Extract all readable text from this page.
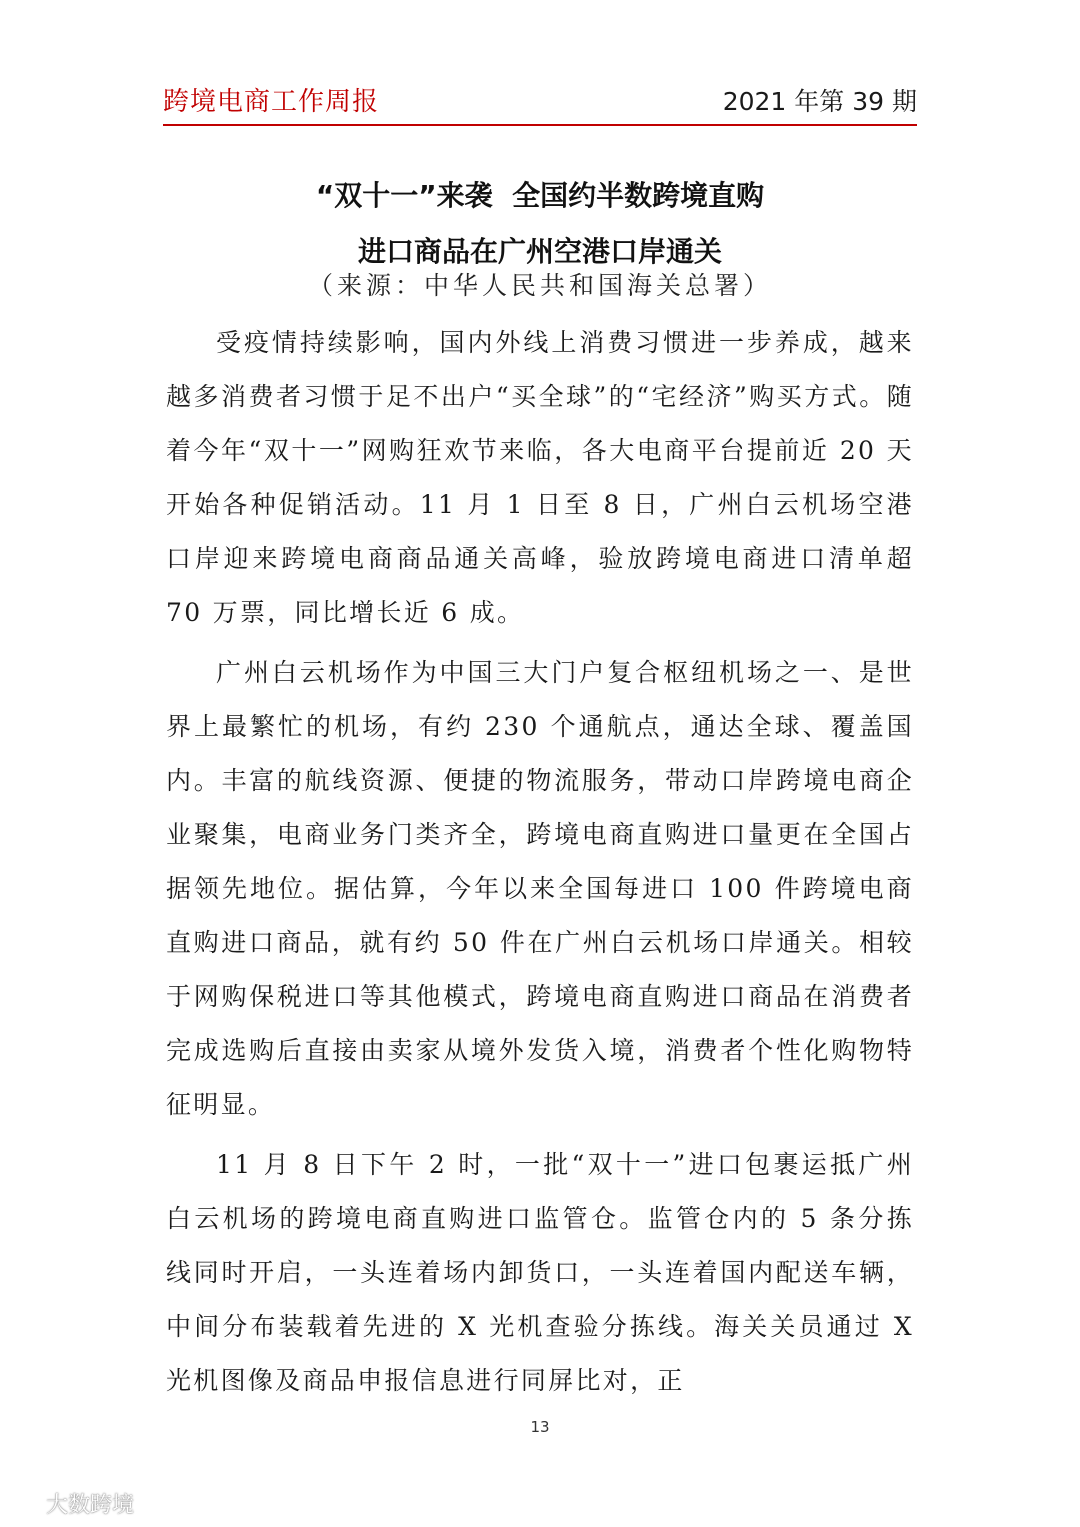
跨境电商工作周报	2021 年第 39 期
“双十一”来袭  全国约半数跨境直购
进口商品在广州空港口岸通关
（来源：中华人民共和国海关总署）

受疫情持续影响，国内外线上消费习惯进一步养成，越来越多消费者习惯于足不出户“买全球”的“宅经济”购买方式。随着今年“双十一”网购狂欢节来临，各大电商平台提前近 20 天开始各种促销活动。11 月 1 日至 8 日，广州白云机场空港口岸迎来跨境电商商品通关高峰，验放跨境电商进口清单超 70 万票，同比增长近 6 成。

广州白云机场作为中国三大门户复合枢纽机场之一、是世界上最繁忙的机场，有约 230 个通航点，通达全球、覆盖国内。丰富的航线资源、便捷的物流服务，带动口岸跨境电商企业聚集，电商业务门类齐全，跨境电商直购进口量更在全国占据领先地位。据估算，今年以来全国每进口 100 件跨境电商直购进口商品，就有约 50 件在广州白云机场口岸通关。相较于网购保税进口等其他模式，跨境电商直购进口商品在消费者完成选购后直接由卖家从境外发货入境，消费者个性化购物特征明显。

11 月 8 日下午 2 时，一批“双十一”进口包裹运抵广州白云机场的跨境电商直购进口监管仓。监管仓内的 5 条分拣线同时开启，一头连着场内卸货口，一头连着国内配送车辆，中间分布装载着先进的 X 光机查验分拣线。海关关员通过 X 光机图像及商品申报信息进行同屏比对，正

13
大数跨境
